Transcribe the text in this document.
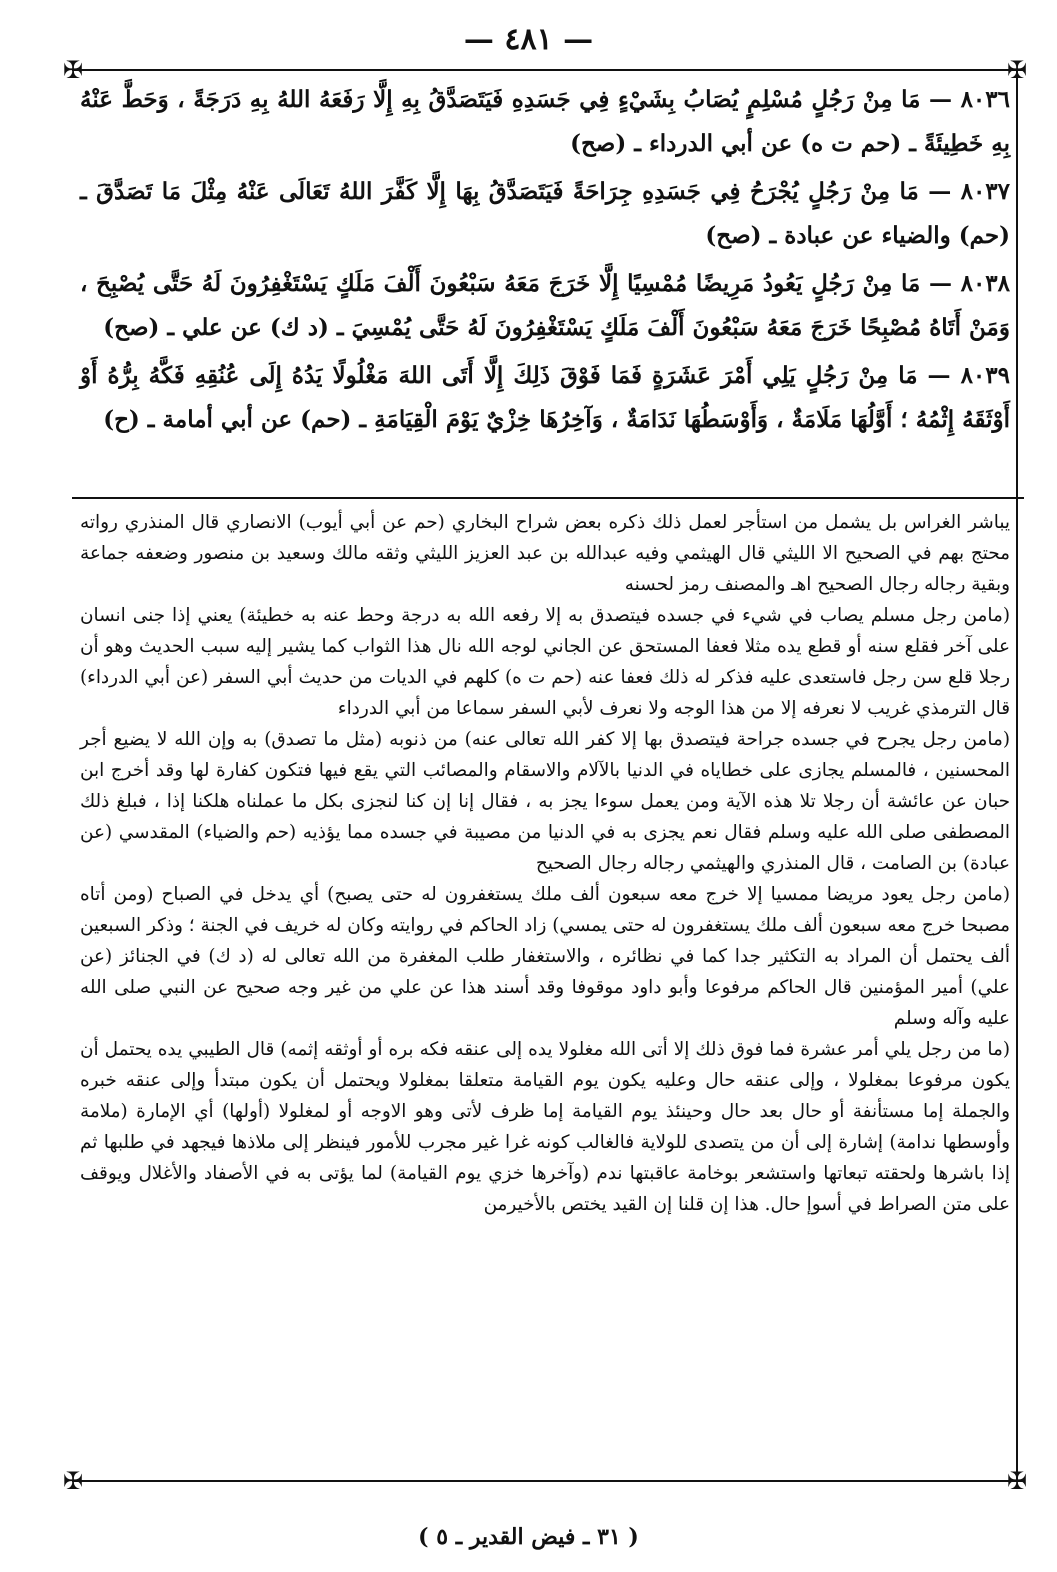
— ٤٨١ —
✠	✠
✠	✠

٨٠٣٦ — مَا مِنْ رَجُلٍ مُسْلِمٍ يُصَابُ بِشَيْءٍ فِي جَسَدِهِ فَيَتَصَدَّقُ بِهِ إِلَّا رَفَعَهُ اللهُ بِهِ دَرَجَةً ، وَحَطَّ عَنْهُ بِهِ خَطِيئَةً ـ (حم ت ه) عن أبي الدرداء ـ (صح)

٨٠٣٧ — مَا مِنْ رَجُلٍ يُجْرَحُ فِي جَسَدِهِ جِرَاحَةً فَيَتَصَدَّقُ بِهَا إِلَّا كَفَّرَ اللهُ تَعَالَى عَنْهُ مِثْلَ مَا تَصَدَّقَ ـ (حم) والضياء عن عبادة ـ (صح)

٨٠٣٨ — مَا مِنْ رَجُلٍ يَعُودُ مَرِيضًا مُمْسِيًا إِلَّا خَرَجَ مَعَهُ سَبْعُونَ أَلْفَ مَلَكٍ يَسْتَغْفِرُونَ لَهُ حَتَّى يُصْبِحَ ، وَمَنْ أَتَاهُ مُصْبِحًا خَرَجَ مَعَهُ سَبْعُونَ أَلْفَ مَلَكٍ يَسْتَغْفِرُونَ لَهُ حَتَّى يُمْسِيَ ـ (د ك) عن علي ـ (صح)

٨٠٣٩ — مَا مِنْ رَجُلٍ يَلِي أَمْرَ عَشَرَةٍ فَمَا فَوْقَ ذَلِكَ إِلَّا أَتَى اللهَ مَغْلُولًا يَدُهُ إِلَى عُنُقِهِ فَكَّهُ بِرُّهُ أَوْ أَوْثَقَهُ إِثْمُهُ ؛ أَوَّلُهَا مَلَامَةٌ ، وَأَوْسَطُهَا نَدَامَةٌ ، وَآخِرُهَا خِزْيٌ يَوْمَ الْقِيَامَةِ ـ (حم) عن أبي أمامة ـ (ح)

يباشر الغراس بل يشمل من استأجر لعمل ذلك ذكره بعض شراح البخاري (حم عن أبي أيوب) الانصاري قال المنذري رواته محتج بهم في الصحيح الا الليثي قال الهيثمي وفيه عبدالله بن عبد العزيز الليثي وثقه مالك وسعيد بن منصور وضعفه جماعة وبقية رجاله رجال الصحيح اهـ والمصنف رمز لحسنه

(مامن رجل مسلم يصاب في شيء في جسده فيتصدق به إلا رفعه الله به درجة وحط عنه به خطيئة) يعني إذا جنى انسان على آخر فقلع سنه أو قطع يده مثلا فعفا المستحق عن الجاني لوجه الله نال هذا الثواب كما يشير إليه سبب الحديث وهو أن رجلا قلع سن رجل فاستعدى عليه فذكر له ذلك فعفا عنه (حم ت ه) كلهم في الديات من حديث أبي السفر (عن أبي الدرداء) قال الترمذي غريب لا نعرفه إلا من هذا الوجه ولا نعرف لأبي السفر سماعا من أبي الدرداء

(مامن رجل يجرح في جسده جراحة فيتصدق بها إلا كفر الله تعالى عنه) من ذنوبه (مثل ما تصدق) به وإن الله لا يضيع أجر المحسنين ، فالمسلم يجازى على خطاياه في الدنيا بالآلام والاسقام والمصائب التي يقع فيها فتكون كفارة لها وقد أخرج ابن حبان عن عائشة أن رجلا تلا هذه الآية ومن يعمل سوءا يجز به ، فقال إنا إن كنا لنجزى بكل ما عملناه هلكنا إذا ، فبلغ ذلك المصطفى صلى الله عليه وسلم فقال نعم يجزى به في الدنيا من مصيبة في جسده مما يؤذيه (حم والضياء) المقدسي (عن عبادة) بن الصامت ، قال المنذري والهيثمي رجاله رجال الصحيح

(مامن رجل يعود مريضا ممسيا إلا خرج معه سبعون ألف ملك يستغفرون له حتى يصبح) أي يدخل في الصباح (ومن أتاه مصبحا خرج معه سبعون ألف ملك يستغفرون له حتى يمسي) زاد الحاكم في روايته وكان له خريف في الجنة ؛ وذكر السبعين ألف يحتمل أن المراد به التكثير جدا كما في نظائره ، والاستغفار طلب المغفرة من الله تعالى له (د ك) في الجنائز (عن علي) أمير المؤمنين قال الحاكم مرفوعا وأبو داود موقوفا وقد أسند هذا عن علي من غير وجه صحيح عن النبي صلى الله عليه وآله وسلم

(ما من رجل يلي أمر عشرة فما فوق ذلك إلا أتى الله مغلولا يده إلى عنقه فكه بره أو أوثقه إثمه) قال الطيبي يده يحتمل أن يكون مرفوعا بمغلولا ، وإلى عنقه حال وعليه يكون يوم القيامة متعلقا بمغلولا ويحتمل أن يكون مبتدأ وإلى عنقه خبره والجملة إما مستأنفة أو حال بعد حال وحينئذ يوم القيامة إما ظرف لأتى وهو الاوجه أو لمغلولا (أولها) أي الإمارة (ملامة وأوسطها ندامة) إشارة إلى أن من يتصدى للولاية فالغالب كونه غرا غير مجرب للأمور فينظر إلى ملاذها فيجهد في طلبها ثم إذا باشرها ولحقته تبعاتها واستشعر بوخامة عاقبتها ندم (وآخرها خزي يوم القيامة) لما يؤتى به في الأصفاد والأغلال ويوقف على متن الصراط في أسوإ حال. هذا إن قلنا إن القيد يختص بالأخيرمن

( ٣١ ـ فيض القدير ـ ٥ )
